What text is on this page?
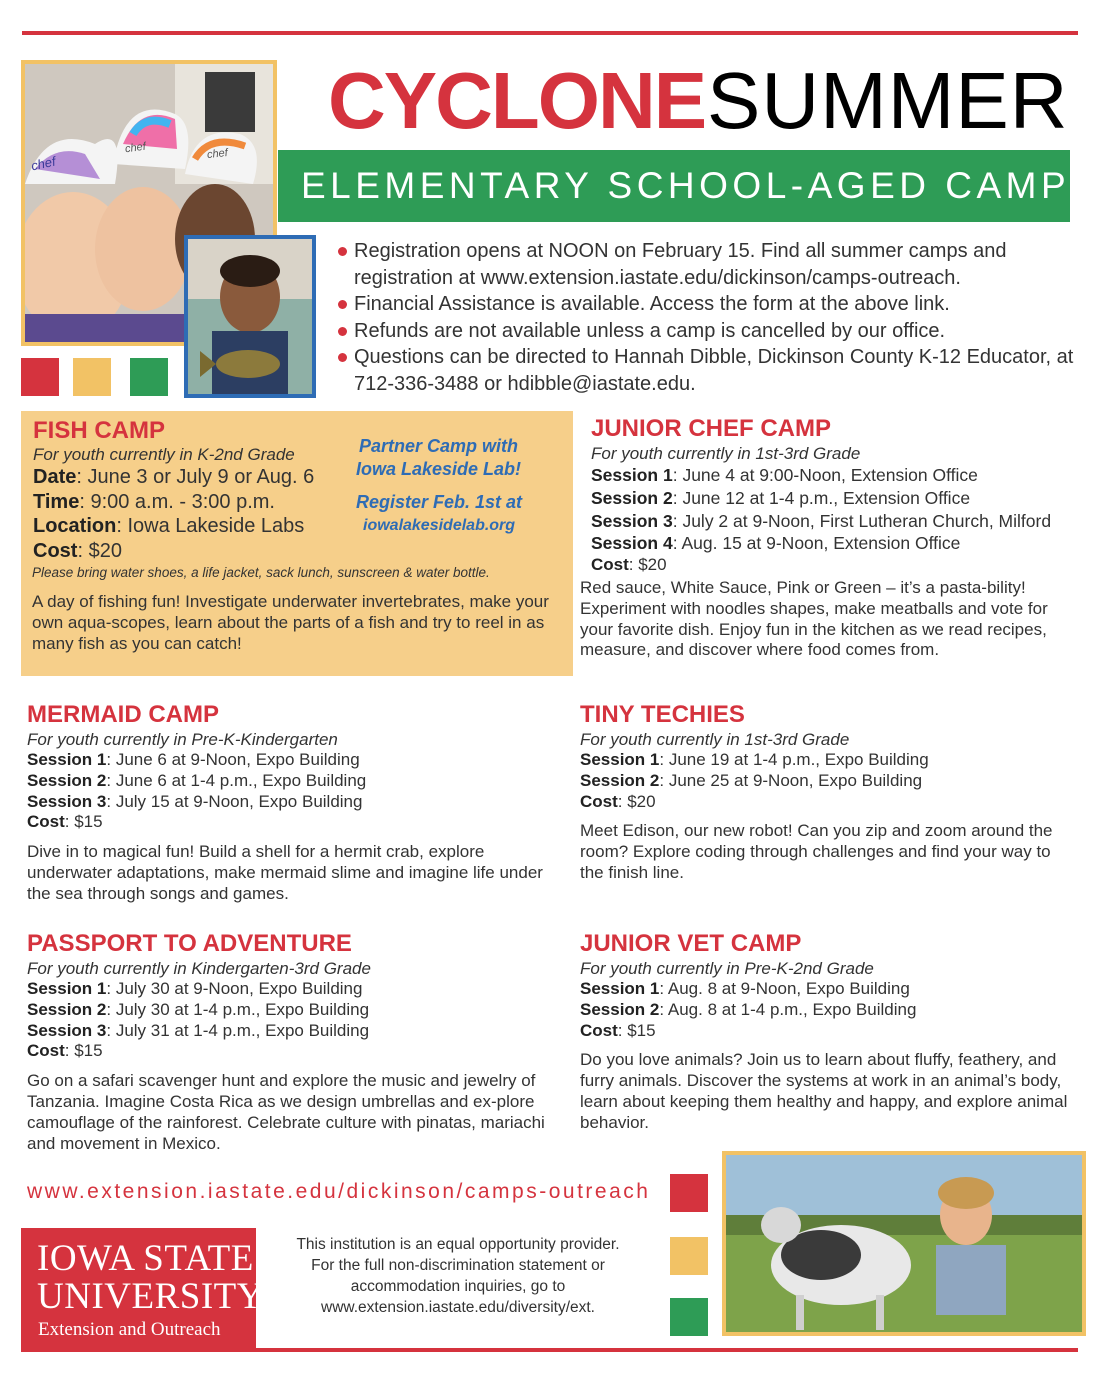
chef
chef	chef
CYCLONE SUMMER
ELEMENTARY SCHOOL-AGED CAMPS
Registration opens at NOON on February 15. Find all summer camps and registration at www.extension.iastate.edu/dickinson/camps-outreach.
Financial Assistance is available. Access the form at the above link.
Refunds are not available unless a camp is cancelled by our office.
Questions can be directed to Hannah Dibble, Dickinson County K-12 Educator, at 712-336-3488 or hdibble@iastate.edu.
FISH CAMP
For youth currently in K-2nd Grade
Date: June 3 or July 9 or Aug. 6
Time: 9:00 a.m. - 3:00 p.m.
Location: Iowa Lakeside Labs
Cost: $20
Partner Camp with
Iowa Lakeside Lab!
Register Feb. 1st at
iowalakesidelab.org
Please bring water shoes, a life jacket, sack lunch, sunscreen & water bottle.
A day of fishing fun! Investigate underwater invertebrates, make your own aqua-scopes, learn about the parts of a fish and try to reel in as many fish as you can catch!
JUNIOR CHEF CAMP
For youth currently in 1st-3rd Grade
Session 1: June 4 at 9:00-Noon, Extension Office
Session 2: June 12 at 1-4 p.m., Extension Office
Session 3: July 2 at 9-Noon, First Lutheran Church, Milford
Session 4: Aug. 15 at 9-Noon, Extension Office
Cost: $20
Red sauce, White Sauce, Pink or Green – it’s a pasta-bility! Experiment with noodles shapes, make meatballs and vote for your favorite dish. Enjoy fun in the kitchen as we read recipes, measure, and discover where food comes from.
MERMAID CAMP
For youth currently in Pre-K-Kindergarten
Session 1: June 6 at 9-Noon, Expo Building
Session 2: June 6 at 1-4 p.m., Expo Building
Session 3: July 15 at 9-Noon, Expo Building
Cost: $15
Dive in to magical fun! Build a shell for a hermit crab, explore underwater adaptations, make mermaid slime and imagine life under the sea through songs and games.
TINY TECHIES
For youth currently in 1st-3rd Grade
Session 1: June 19 at 1-4 p.m., Expo Building
Session 2: June 25 at 9-Noon, Expo Building
Cost: $20
Meet Edison, our new robot! Can you zip and zoom around the room? Explore coding through challenges and find your way to the finish line.
PASSPORT TO ADVENTURE
For youth currently in Kindergarten-3rd Grade
Session 1: July 30 at 9-Noon, Expo Building
Session 2: July 30 at 1-4 p.m., Expo Building
Session 3: July 31 at 1-4 p.m., Expo Building
Cost: $15
Go on a safari scavenger hunt and explore the music and jewelry of Tanzania. Imagine Costa Rica as we design umbrellas and ex-plore camouflage of the rainforest. Celebrate culture with pinatas, mariachi and movement in Mexico.
JUNIOR VET CAMP
For youth currently in Pre-K-2nd Grade
Session 1: Aug. 8 at 9-Noon, Expo Building
Session 2: Aug. 8 at 1-4 p.m., Expo Building
Cost: $15
Do you love animals? Join us to learn about fluffy, feathery, and furry animals. Discover the systems at work in an animal’s body, learn about keeping them healthy and happy, and explore animal behavior.
www.extension.iastate.edu/dickinson/camps-outreach
IOWA STATE
UNIVERSITY
Extension and Outreach
This institution is an equal opportunity provider.
For the full non-discrimination statement or
accommodation inquiries, go to
www.extension.iastate.edu/diversity/ext.
